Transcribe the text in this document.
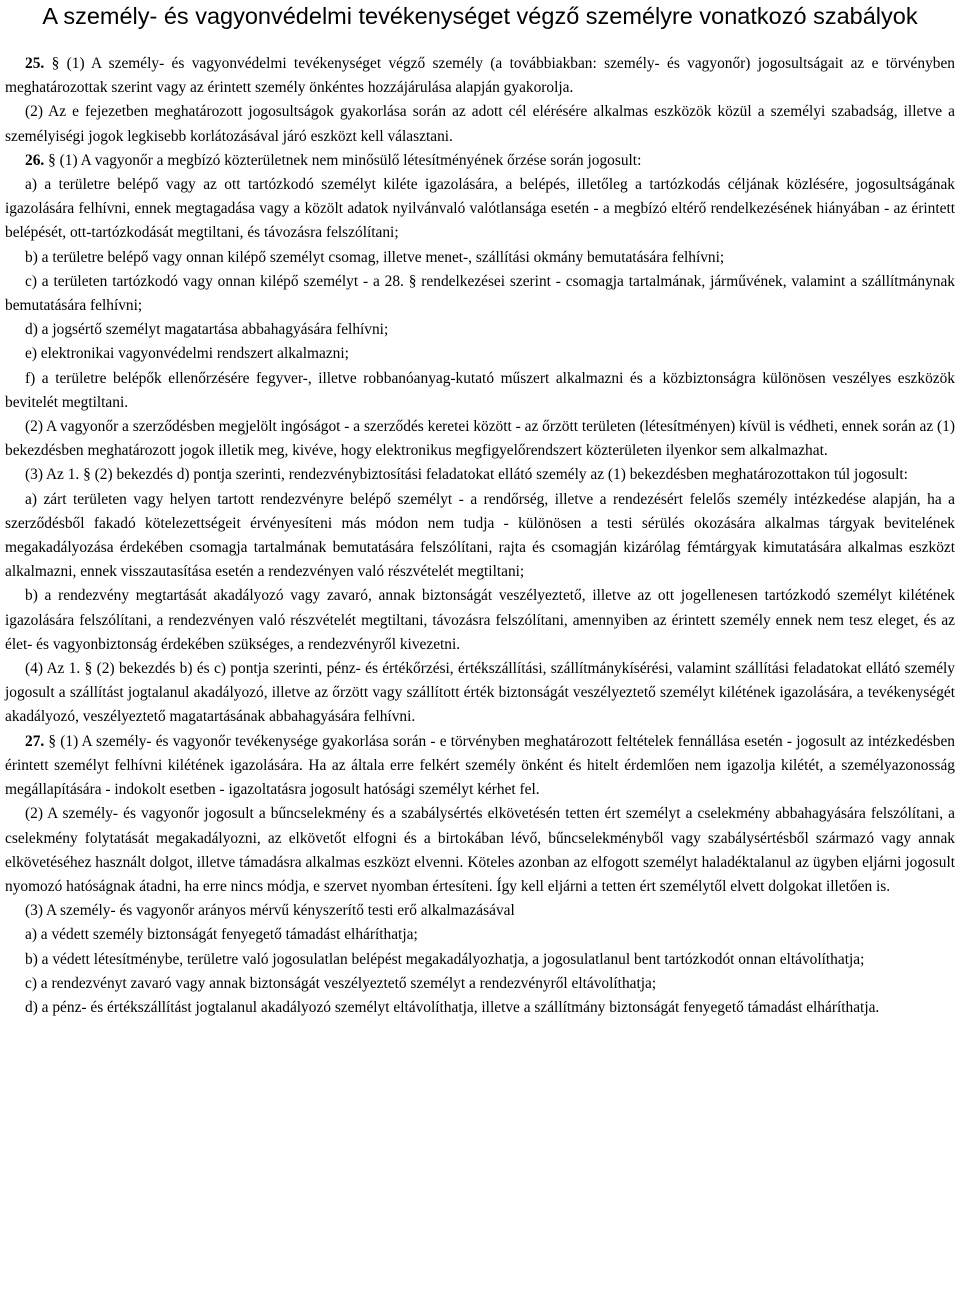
A személy- és vagyonvédelmi tevékenységet végző személyre vonatkozó szabályok

25. § (1) A személy- és vagyonvédelmi tevékenységet végző személy (a továbbiakban: személy- és vagyonőr) jogosultságait az e törvényben meghatározottak szerint vagy az érintett személy önkéntes hozzájárulása alapján gyakorolja.

(2) Az e fejezetben meghatározott jogosultságok gyakorlása során az adott cél elérésére alkalmas eszközök közül a személyi szabadság, illetve a személyiségi jogok legkisebb korlátozásával járó eszközt kell választani.

26. § (1) A vagyonőr a megbízó közterületnek nem minősülő létesítményének őrzése során jogosult:

a) a területre belépő vagy az ott tartózkodó személyt kiléte igazolására, a belépés, illetőleg a tartózkodás céljának közlésére, jogosultságának igazolására felhívni, ennek megtagadása vagy a közölt adatok nyilvánvaló valótlansága esetén - a megbízó eltérő rendelkezésének hiányában - az érintett belépését, ott-tartózkodását megtiltani, és távozásra felszólítani;

b) a területre belépő vagy onnan kilépő személyt csomag, illetve menet-, szállítási okmány bemutatására felhívni;

c) a területen tartózkodó vagy onnan kilépő személyt - a 28. § rendelkezései szerint - csomagja tartalmának, járművének, valamint a szállítmánynak bemutatására felhívni;

d) a jogsértő személyt magatartása abbahagyására felhívni;

e) elektronikai vagyonvédelmi rendszert alkalmazni;

f) a területre belépők ellenőrzésére fegyver-, illetve robbanóanyag-kutató műszert alkalmazni és a közbiztonságra különösen veszélyes eszközök bevitelét megtiltani.

(2) A vagyonőr a szerződésben megjelölt ingóságot - a szerződés keretei között - az őrzött területen (létesítményen) kívül is védheti, ennek során az (1) bekezdésben meghatározott jogok illetik meg, kivéve, hogy elektronikus megfigyelőrendszert közterületen ilyenkor sem alkalmazhat.

(3) Az 1. § (2) bekezdés d) pontja szerinti, rendezvénybiztosítási feladatokat ellátó személy az (1) bekezdésben meghatározottakon túl jogosult:

a) zárt területen vagy helyen tartott rendezvényre belépő személyt - a rendőrség, illetve a rendezésért felelős személy intézkedése alapján, ha a szerződésből fakadó kötelezettségeit érvényesíteni más módon nem tudja - különösen a testi sérülés okozására alkalmas tárgyak bevitelének megakadályozása érdekében csomagja tartalmának bemutatására felszólítani, rajta és csomagján kizárólag fémtárgyak kimutatására alkalmas eszközt alkalmazni, ennek visszautasítása esetén a rendezvényen való részvételét megtiltani;

b) a rendezvény megtartását akadályozó vagy zavaró, annak biztonságát veszélyeztető, illetve az ott jogellenesen tartózkodó személyt kilétének igazolására felszólítani, a rendezvényen való részvételét megtiltani, távozásra felszólítani, amennyiben az érintett személy ennek nem tesz eleget, és az élet- és vagyonbiztonság érdekében szükséges, a rendezvényről kivezetni.

(4) Az 1. § (2) bekezdés b) és c) pontja szerinti, pénz- és értékőrzési, értékszállítási, szállítmánykísérési, valamint szállítási feladatokat ellátó személy jogosult a szállítást jogtalanul akadályozó, illetve az őrzött vagy szállított érték biztonságát veszélyeztető személyt kilétének igazolására, a tevékenységét akadályozó, veszélyeztető magatartásának abbahagyására felhívni.

27. § (1) A személy- és vagyonőr tevékenysége gyakorlása során - e törvényben meghatározott feltételek fennállása esetén - jogosult az intézkedésben érintett személyt felhívni kilétének igazolására. Ha az általa erre felkért személy önként és hitelt érdemlően nem igazolja kilétét, a személyazonosság megállapítására - indokolt esetben - igazoltatásra jogosult hatósági személyt kérhet fel.

(2) A személy- és vagyonőr jogosult a bűncselekmény és a szabálysértés elkövetésén tetten ért személyt a cselekmény abbahagyására felszólítani, a cselekmény folytatását megakadályozni, az elkövetőt elfogni és a birtokában lévő, bűncselekményből vagy szabálysértésből származó vagy annak elkövetéséhez használt dolgot, illetve támadásra alkalmas eszközt elvenni. Köteles azonban az elfogott személyt haladéktalanul az ügyben eljárni jogosult nyomozó hatóságnak átadni, ha erre nincs módja, e szervet nyomban értesíteni. Így kell eljárni a tetten ért személytől elvett dolgokat illetően is.

(3) A személy- és vagyonőr arányos mérvű kényszerítő testi erő alkalmazásával

a) a védett személy biztonságát fenyegető támadást elháríthatja;

b) a védett létesítménybe, területre való jogosulatlan belépést megakadályozhatja, a jogosulatlanul bent tartózkodót onnan eltávolíthatja;

c) a rendezvényt zavaró vagy annak biztonságát veszélyeztető személyt a rendezvényről eltávolíthatja;

d) a pénz- és értékszállítást jogtalanul akadályozó személyt eltávolíthatja, illetve a szállítmány biztonságát fenyegető támadást elháríthatja.
